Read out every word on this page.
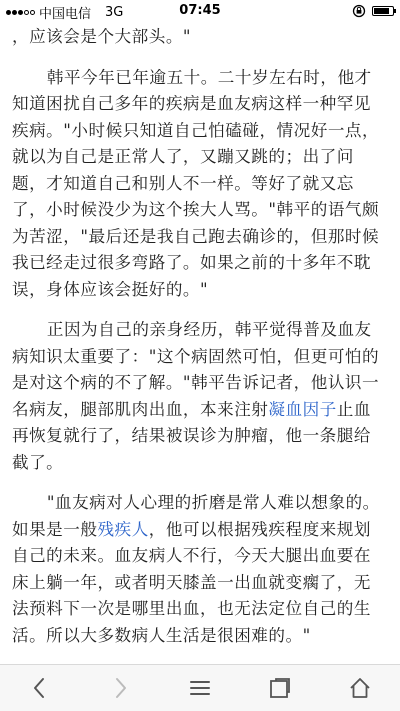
中国电信 3G	07:45

，应该会是个大部头。"

韩平今年已年逾五十。二十岁左右时，他才知道困扰自己多年的疾病是血友病这样一种罕见疾病。"小时候只知道自己怕磕碰，情况好一点，就以为自己是正常人了，又蹦又跳的；出了问题，才知道自己和别人不一样。等好了就又忘了，小时候没少为这个挨大人骂。"韩平的语气颇为苦涩，"最后还是我自己跑去确诊的，但那时候我已经走过很多弯路了。如果之前的十多年不耽误，身体应该会挺好的。"

正因为自己的亲身经历，韩平觉得普及血友病知识太重要了："这个病固然可怕，但更可怕的是对这个病的不了解。"韩平告诉记者，他认识一名病友，腿部肌肉出血，本来注射凝血因子止血再恢复就行了，结果被误诊为肿瘤，他一条腿给截了。

"血友病对人心理的折磨是常人难以想象的。如果是一般残疾人，他可以根据残疾程度来规划自己的未来。血友病人不行，今天大腿出血要在床上躺一年，或者明天膝盖一出血就变瘸了，无法预料下一次是哪里出血，也无法定位自己的生活。所以大多数病人生活是很困难的。"
